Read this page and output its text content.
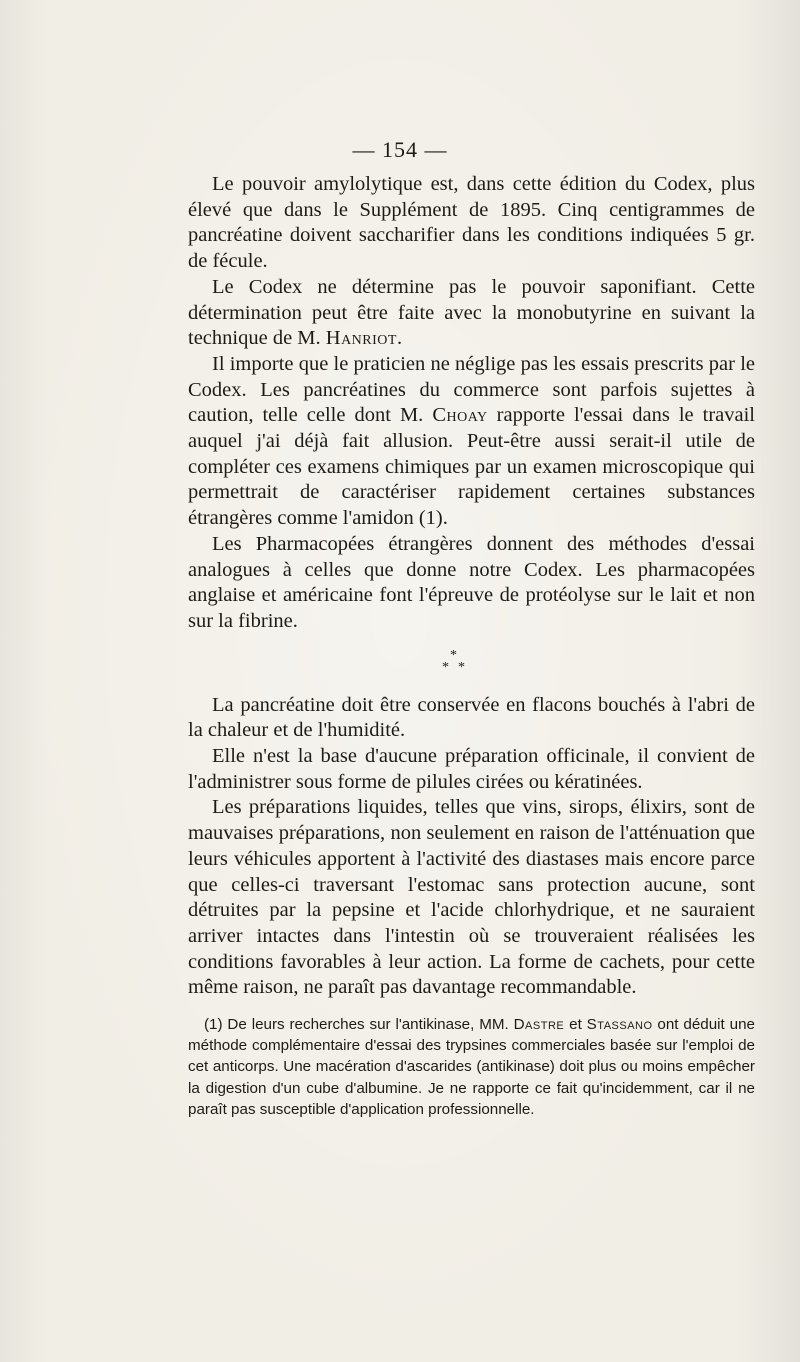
— 154 —

Le pouvoir amylolytique est, dans cette édition du Codex, plus élevé que dans le Supplément de 1895. Cinq centigrammes de pancréatine doivent saccharifier dans les conditions indiquées 5 gr. de fécule.

Le Codex ne détermine pas le pouvoir saponifiant. Cette détermination peut être faite avec la monobutyrine en suivant la technique de M. Hanriot.

Il importe que le praticien ne néglige pas les essais prescrits par le Codex. Les pancréatines du commerce sont parfois sujettes à caution, telle celle dont M. Choay rapporte l'essai dans le travail auquel j'ai déjà fait allusion. Peut-être aussi serait-il utile de compléter ces examens chimiques par un examen microscopique qui permettrait de caractériser rapidement certaines substances étrangères comme l'amidon (1).

Les Pharmacopées étrangères donnent des méthodes d'essai analogues à celles que donne notre Codex. Les pharmacopées anglaise et américaine font l'épreuve de protéolyse sur le lait et non sur la fibrine.

*
* *

La pancréatine doit être conservée en flacons bouchés à l'abri de la chaleur et de l'humidité.

Elle n'est la base d'aucune préparation officinale, il convient de l'administrer sous forme de pilules cirées ou kératinées.

Les préparations liquides, telles que vins, sirops, élixirs, sont de mauvaises préparations, non seulement en raison de l'atténuation que leurs véhicules apportent à l'activité des diastases mais encore parce que celles-ci traversant l'estomac sans protection aucune, sont détruites par la pepsine et l'acide chlorhydrique, et ne sauraient arriver intactes dans l'intestin où se trouveraient réalisées les conditions favorables à leur action. La forme de cachets, pour cette même raison, ne paraît pas davantage recommandable.

(1) De leurs recherches sur l'antikinase, MM. Dastre et Stassano ont déduit une méthode complémentaire d'essai des trypsines commerciales basée sur l'emploi de cet anticorps. Une macération d'ascarides (antikinase) doit plus ou moins empêcher la digestion d'un cube d'albumine. Je ne rapporte ce fait qu'incidemment, car il ne paraît pas susceptible d'application professionnelle.
